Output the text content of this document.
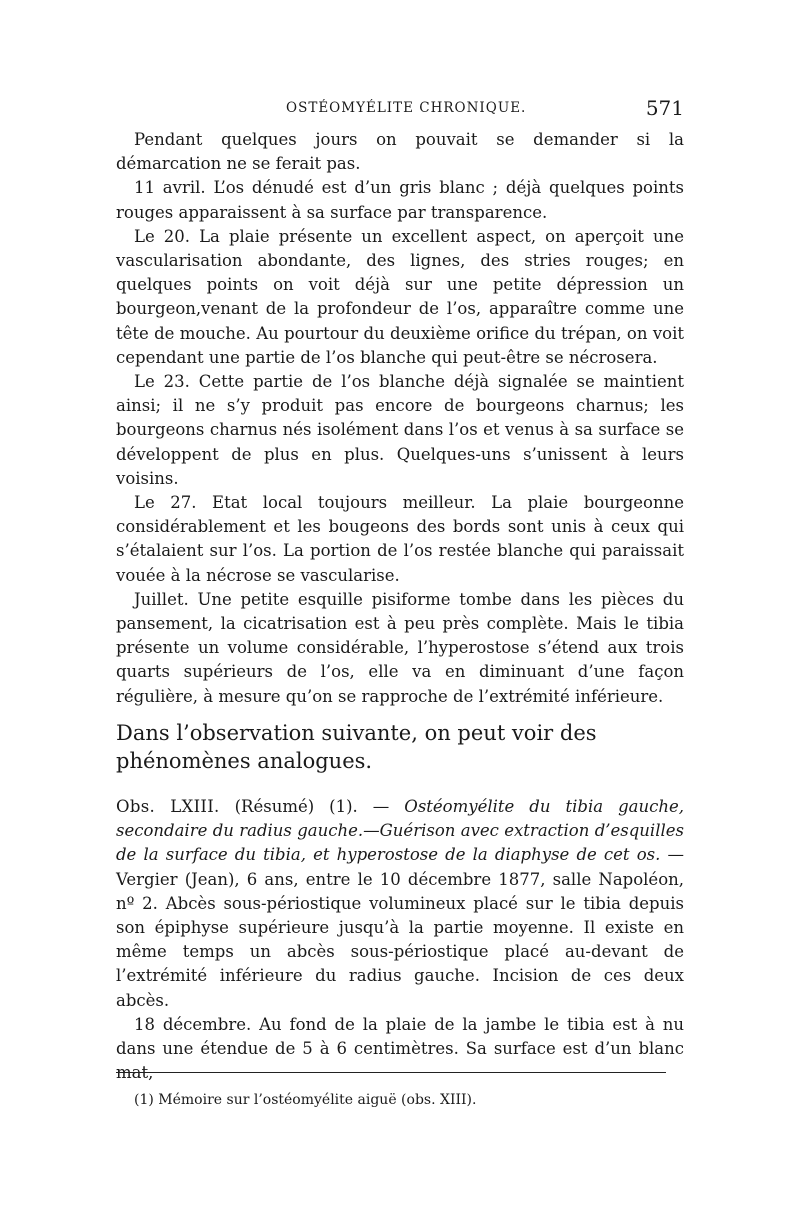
OSTÉOMYÉLITE CHRONIQUE.	571

Pendant quelques jours on pouvait se demander si la démarcation ne se ferait pas.

11 avril. L’os dénudé est d’un gris blanc ; déjà quelques points rouges apparaissent à sa surface par transparence.

Le 20. La plaie présente un excellent aspect, on aperçoit une vascularisation abondante, des lignes, des stries rouges; en quelques points on voit déjà sur une petite dépression un bourgeon,venant de la profondeur de l’os, apparaître comme une tête de mouche. Au pourtour du deuxième orifice du trépan, on voit cependant une partie de l’os blanche qui peut-être se nécrosera.

Le 23. Cette partie de l’os blanche déjà signalée se maintient ainsi; il ne s’y produit pas encore de bourgeons charnus; les bourgeons charnus nés isolément dans l’os et venus à sa surface se développent de plus en plus. Quelques-uns s’unissent à leurs voisins.

Le 27. Etat local toujours meilleur. La plaie bourgeonne considérablement et les bougeons des bords sont unis à ceux qui s’étalaient sur l’os. La portion de l’os restée blanche qui paraissait vouée à la nécrose se vascularise.

Juillet. Une petite esquille pisiforme tombe dans les pièces du pansement, la cicatrisation est à peu près complète. Mais le tibia présente un volume considérable, l’hyperostose s’étend aux trois quarts supérieurs de l’os, elle va en diminuant d’une façon régulière, à mesure qu’on se rapproche de l’extrémité inférieure.

Dans l’observation suivante, on peut voir des phénomènes analogues.

Obs. LXIII. (Résumé) (1). — Ostéomyélite du tibia gauche, secondaire du radius gauche.—Guérison avec extraction d’esquilles de la surface du tibia, et hyperostose de la diaphyse de cet os. — Vergier (Jean), 6 ans, entre le 10 décembre 1877, salle Napoléon, nº 2. Abcès sous-périostique volumineux placé sur le tibia depuis son épiphyse supérieure jusqu’à la partie moyenne. Il existe en même temps un abcès sous-périostique placé au-devant de l’extrémité inférieure du radius gauche. Incision de ces deux abcès.

18 décembre. Au fond de la plaie de la jambe le tibia est à nu dans une étendue de 5 à 6 centimètres. Sa surface est d’un blanc mat,

(1) Mémoire sur l’ostéomyélite aiguë (obs. XIII).
